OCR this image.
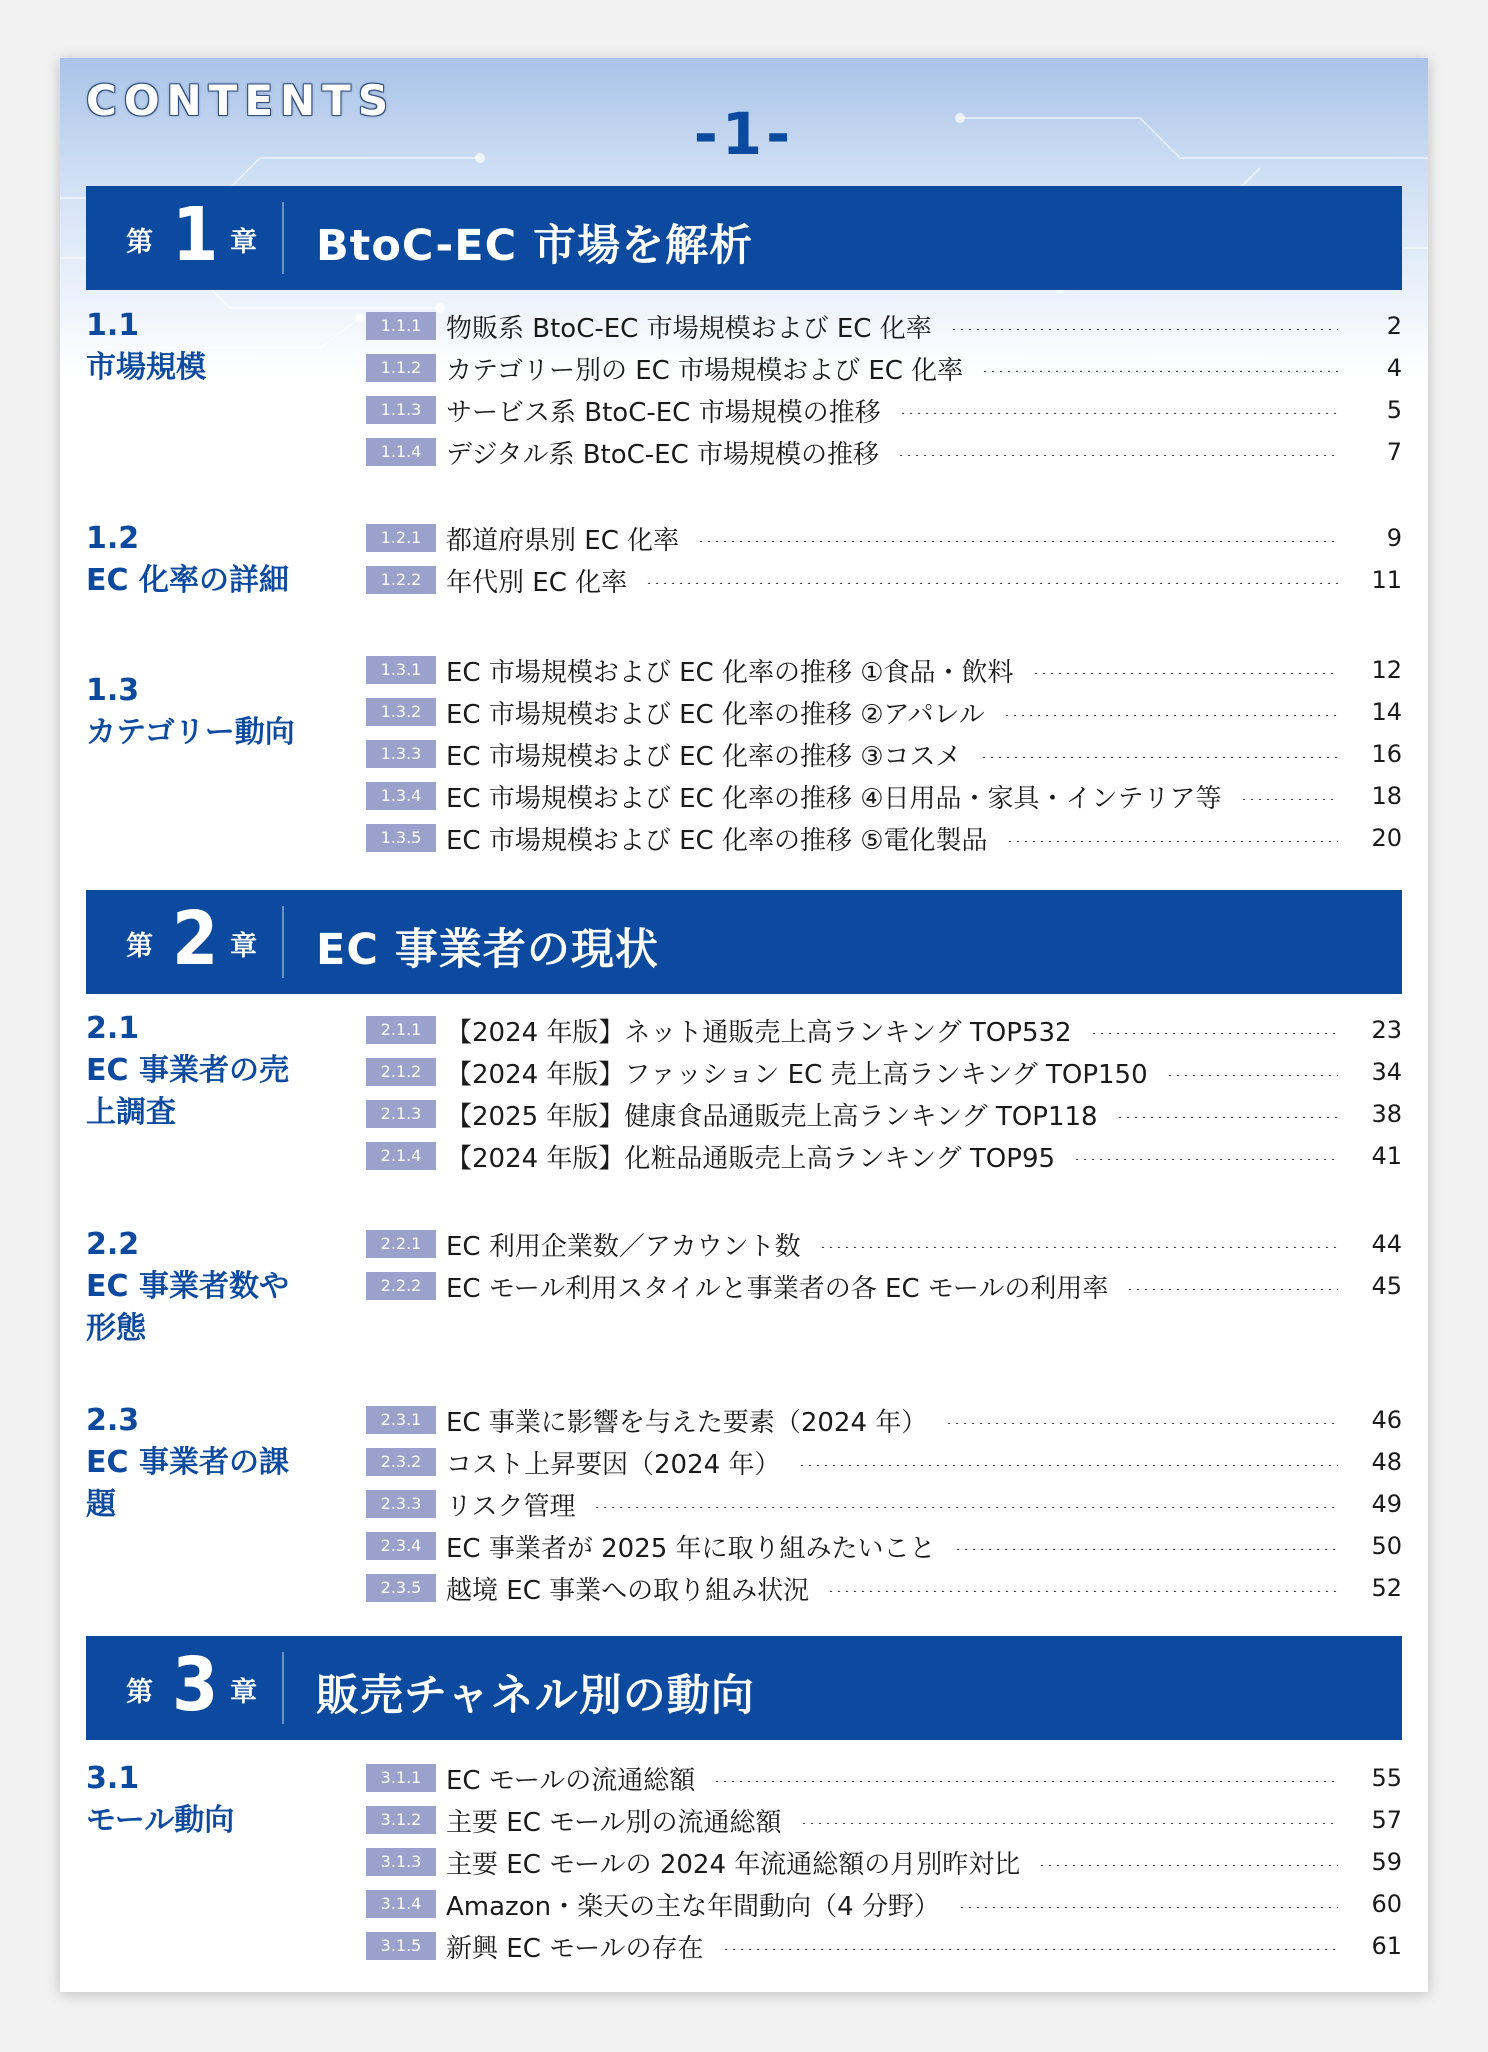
CONTENTS	-1-
第 1 章 BtoC-EC 市場を解析
1.1
市場規模
1.1.1 物販系 BtoC-EC 市場規模および EC 化率	2
1.1.2 カテゴリー別の EC 市場規模および EC 化率	4
1.1.3 サービス系 BtoC-EC 市場規模の推移	5
1.1.4 デジタル系 BtoC-EC 市場規模の推移	7
1.2
EC 化率の詳細
1.2.1 都道府県別 EC 化率	9
1.2.2 年代別 EC 化率	11
1.3
カテゴリー動向
1.3.1 EC 市場規模および EC 化率の推移 ①食品・飲料	12
1.3.2 EC 市場規模および EC 化率の推移 ②アパレル	14
1.3.3 EC 市場規模および EC 化率の推移 ③コスメ	16
1.3.4 EC 市場規模および EC 化率の推移 ④日用品・家具・インテリア等	18
1.3.5 EC 市場規模および EC 化率の推移 ⑤電化製品	20
第 2 章 EC 事業者の現状
2.1
EC 事業者の売上調査
2.1.1 【2024 年版】ネット通販売上高ランキング TOP532	23
2.1.2 【2024 年版】ファッション EC 売上高ランキング TOP150	34
2.1.3 【2025 年版】健康食品通販売上高ランキング TOP118	38
2.1.4 【2024 年版】化粧品通販売上高ランキング TOP95	41
2.2
EC 事業者数や形態
2.2.1 EC 利用企業数／アカウント数	44
2.2.2 EC モール利用スタイルと事業者の各 EC モールの利用率	45
2.3
EC 事業者の課題
2.3.1 EC 事業に影響を与えた要素（2024 年）	46
2.3.2 コスト上昇要因（2024 年）	48
2.3.3 リスク管理	49
2.3.4 EC 事業者が 2025 年に取り組みたいこと	50
2.3.5 越境 EC 事業への取り組み状況	52
第 3 章 販売チャネル別の動向
3.1
モール動向
3.1.1 EC モールの流通総額	55
3.1.2 主要 EC モール別の流通総額	57
3.1.3 主要 EC モールの 2024 年流通総額の月別昨対比	59
3.1.4 Amazon・楽天の主な年間動向（4 分野）	60
3.1.5 新興 EC モールの存在	61
